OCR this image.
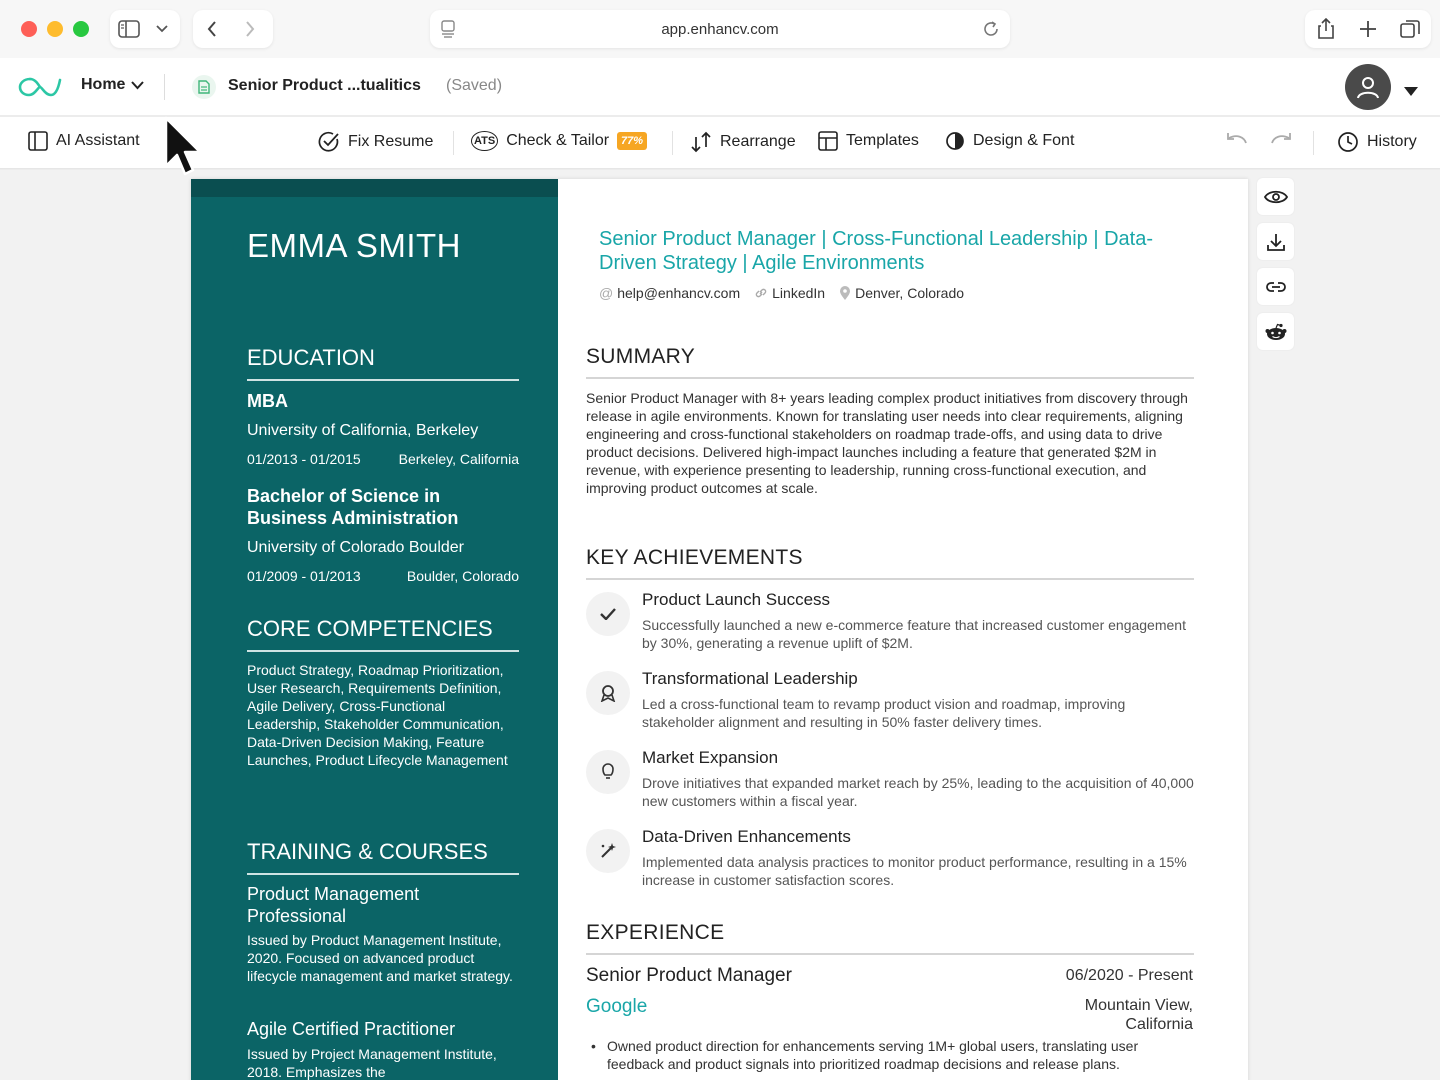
app.enhancv.com
Home	Senior Product ...tualitics (Saved)
AI Assistant	Fix Resume	ATS Check & Tailor	77%	Rearrange	Templates	Design & Font	History
EMMA SMITH
EDUCATION
MBA
University of California, Berkeley
01/2013 - 01/2015	Berkeley, California
Bachelor of Science in Business Administration
University of Colorado Boulder
01/2009 - 01/2013	Boulder, Colorado
CORE COMPETENCIES
Product Strategy, Roadmap Prioritization, User Research, Requirements Definition, Agile Delivery, Cross-Functional Leadership, Stakeholder Communication, Data-Driven Decision Making, Feature Launches, Product Lifecycle Management
TRAINING & COURSES
Product Management Professional
Issued by Product Management Institute, 2020. Focused on advanced product lifecycle management and market strategy.
Agile Certified Practitioner
Issued by Project Management Institute, 2018. Emphasizes the
Senior Product Manager | Cross-Functional Leadership | Data-Driven Strategy | Agile Environments
@ help@enhancv.com LinkedIn Denver, Colorado
SUMMARY
Senior Product Manager with 8+ years leading complex product initiatives from discovery through release in agile environments. Known for translating user needs into clear requirements, aligning engineering and cross-functional stakeholders on roadmap trade-offs, and using data to drive product decisions. Delivered high-impact launches including a feature that generated $2M in revenue, with experience presenting to leadership, running cross-functional execution, and improving product outcomes at scale.
KEY ACHIEVEMENTS
Product Launch Success
Successfully launched a new e-commerce feature that increased customer engagement by 30%, generating a revenue uplift of $2M.
Transformational Leadership
Led a cross-functional team to revamp product vision and roadmap, improving stakeholder alignment and resulting in 50% faster delivery times.
Market Expansion
Drove initiatives that expanded market reach by 25%, leading to the acquisition of 40,000 new customers within a fiscal year.
Data-Driven Enhancements
Implemented data analysis practices to monitor product performance, resulting in a 15% increase in customer satisfaction scores.
EXPERIENCE
Senior Product Manager	06/2020 - Present
Google	Mountain View, California
• Owned product direction for enhancements serving 1M+ global users, translating user feedback and product signals into prioritized roadmap decisions and release plans.
